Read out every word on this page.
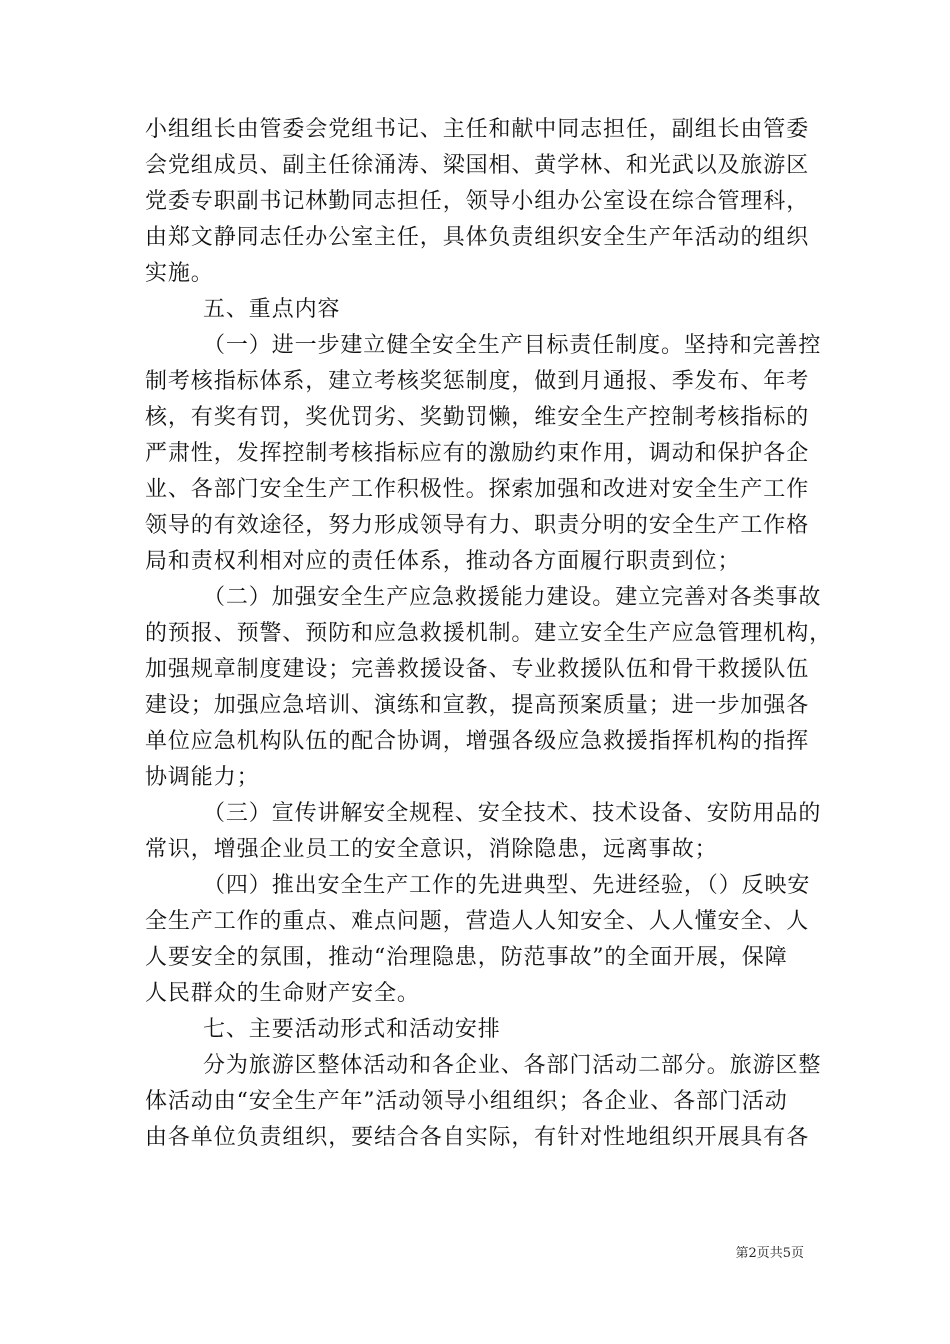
小组组长由管委会党组书记、主任和献中同志担任，副组长由管委
会党组成员、副主任徐涌涛、梁国相、黄学林、和光武以及旅游区
党委专职副书记林勤同志担任，领导小组办公室设在综合管理科，
由郑文静同志任办公室主任，具体负责组织安全生产年活动的组织
实施。
五、重点内容
（一）进一步建立健全安全生产目标责任制度。坚持和完善控
制考核指标体系，建立考核奖惩制度，做到月通报、季发布、年考
核，有奖有罚，奖优罚劣、奖勤罚懒，维安全生产控制考核指标的
严肃性，发挥控制考核指标应有的激励约束作用，调动和保护各企
业、各部门安全生产工作积极性。探索加强和改进对安全生产工作
领导的有效途径，努力形成领导有力、职责分明的安全生产工作格
局和责权利相对应的责任体系，推动各方面履行职责到位；
（二）加强安全生产应急救援能力建设。建立完善对各类事故
的预报、预警、预防和应急救援机制。建立安全生产应急管理机构，
加强规章制度建设；完善救援设备、专业救援队伍和骨干救援队伍
建设；加强应急培训、演练和宣教，提高预案质量；进一步加强各
单位应急机构队伍的配合协调，增强各级应急救援指挥机构的指挥
协调能力；
（三）宣传讲解安全规程、安全技术、技术设备、安防用品的
常识，增强企业员工的安全意识，消除隐患，远离事故；
（四）推出安全生产工作的先进典型、先进经验，（）反映安
全生产工作的重点、难点问题，营造人人知安全、人人懂安全、人
人要安全的氛围，推动“治理隐患，防范事故”的全面开展，保障
人民群众的生命财产安全。
七、主要活动形式和活动安排
分为旅游区整体活动和各企业、各部门活动二部分。旅游区整
体活动由“安全生产年”活动领导小组组织；各企业、各部门活动
由各单位负责组织，要结合各自实际，有针对性地组织开展具有各
第2页共5页
